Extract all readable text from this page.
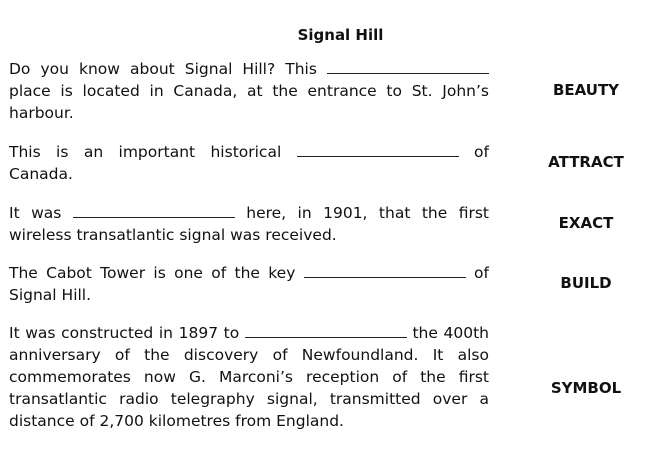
Signal Hill
Do you know about Signal Hill? This  place is located in Canada, at the entrance to St. John’s harbour.
BEAUTY
This is an important historical	of Canada.
ATTRACT
It was	here, in 1901, that the first wireless transatlantic signal was received.
EXACT
The Cabot Tower is one of the key	of Signal Hill.
BUILD
It was constructed in 1897 to	the 400th anniversary of the discovery of Newfoundland. It also commemorates now G. Marconi’s reception of the first transatlantic radio telegraphy signal, transmitted over a distance of 2,700 kilometres from England.
SYMBOL
